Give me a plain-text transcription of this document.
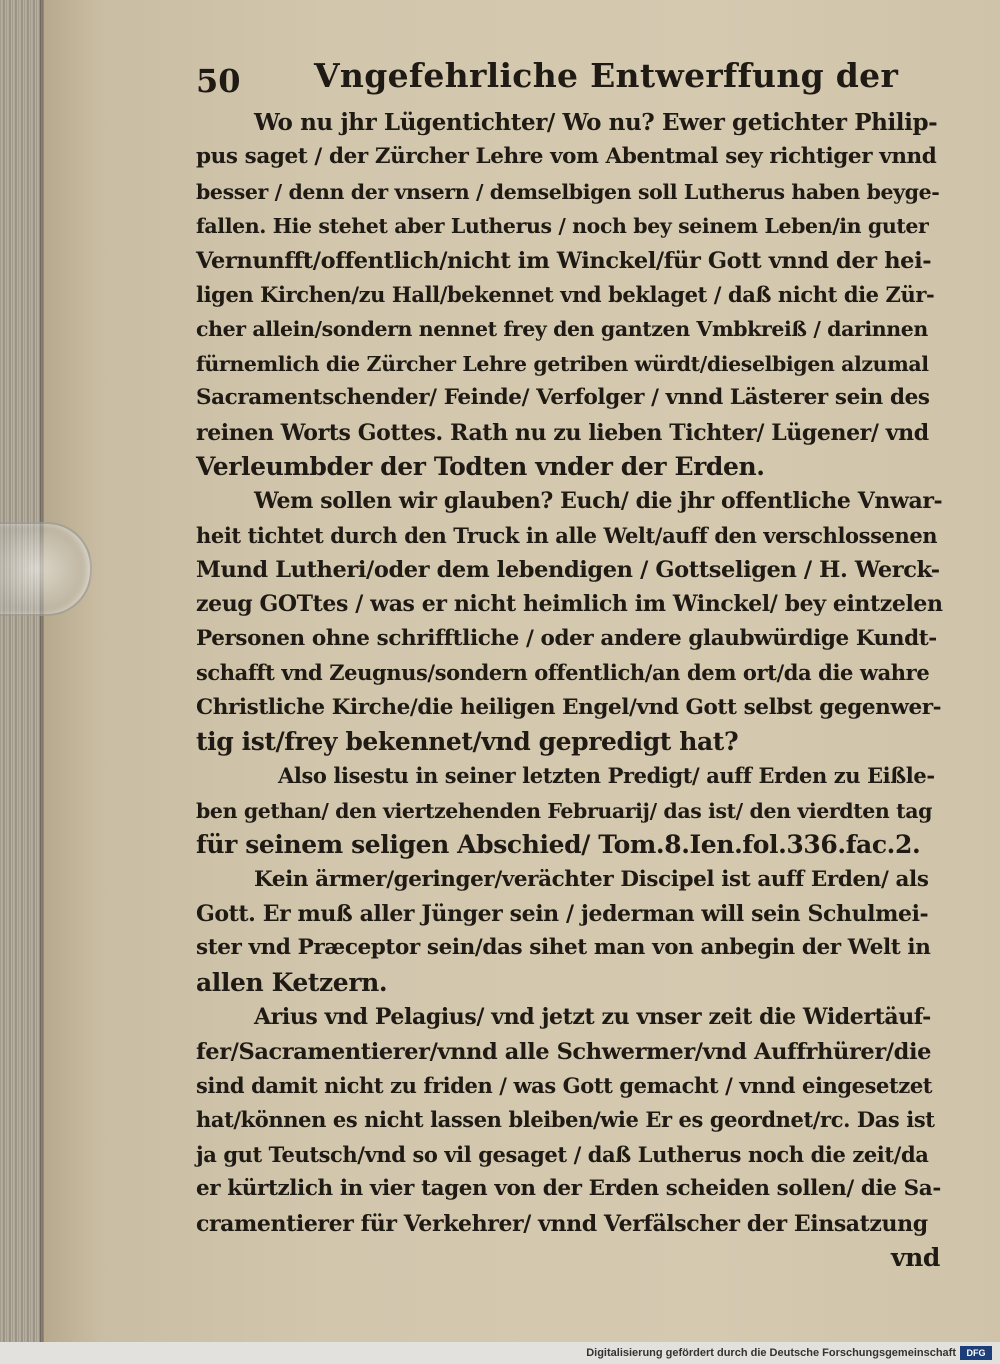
50 Vngefehrliche Entwerffung der
Wo nu jhr Lügentichter/ Wo nu? Ewer getichter Philip-
pus saget / der Zürcher Lehre vom Abentmal sey richtiger vnnd
besser / denn der vnsern / demselbigen soll Lutherus haben beyge-
fallen. Hie stehet aber Lutherus / noch bey seinem Leben/in guter
Vernunfft/offentlich/nicht im Winckel/für Gott vnnd der hei-
ligen Kirchen/zu Hall/bekennet vnd beklaget / daß nicht die Zür-
cher allein/sondern nennet frey den gantzen Vmbkreiß / darinnen
fürnemlich die Zürcher Lehre getriben würdt/dieselbigen alzumal
Sacramentschender/ Feinde/ Verfolger / vnnd Lästerer sein des
reinen Worts Gottes. Rath nu zu lieben Tichter/ Lügener/ vnd
Verleumbder der Todten vnder der Erden.
Wem sollen wir glauben? Euch/ die jhr offentliche Vnwar-
heit tichtet durch den Truck in alle Welt/auff den verschlossenen
Mund Lutheri/oder dem lebendigen / Gottseligen / H. Werck-
zeug GOTtes / was er nicht heimlich im Winckel/ bey eintzelen
Personen ohne schrifftliche / oder andere glaubwürdige Kundt-
schafft vnd Zeugnus/sondern offentlich/an dem ort/da die wahre
Christliche Kirche/die heiligen Engel/vnd Gott selbst gegenwer-
tig ist/frey bekennet/vnd gepredigt hat?
Also lisestu in seiner letzten Predigt/ auff Erden zu Eißle-
ben gethan/ den viertzehenden Februarij/ das ist/ den vierdten tag
für seinem seligen Abschied/ Tom.8.Ien.fol.336.fac.2.
Kein ärmer/geringer/verächter Discipel ist auff Erden/ als
Gott. Er muß aller Jünger sein / jederman will sein Schulmei-
ster vnd Præceptor sein/das sihet man von anbegin der Welt in
allen Ketzern.
Arius vnd Pelagius/ vnd jetzt zu vnser zeit die Widertäuf-
fer/Sacramentierer/vnnd alle Schwermer/vnd Auffrhürer/die
sind damit nicht zu friden / was Gott gemacht / vnnd eingesetzet
hat/können es nicht lassen bleiben/wie Er es geordnet/rc. Das ist
ja gut Teutsch/vnd so vil gesaget / daß Lutherus noch die zeit/da
er kürtzlich in vier tagen von der Erden scheiden sollen/ die Sa-
cramentierer für Verkehrer/ vnnd Verfälscher der Einsatzung
vnd
Digitalisierung gefördert durch die Deutsche Forschungsgemeinschaft	DFG
